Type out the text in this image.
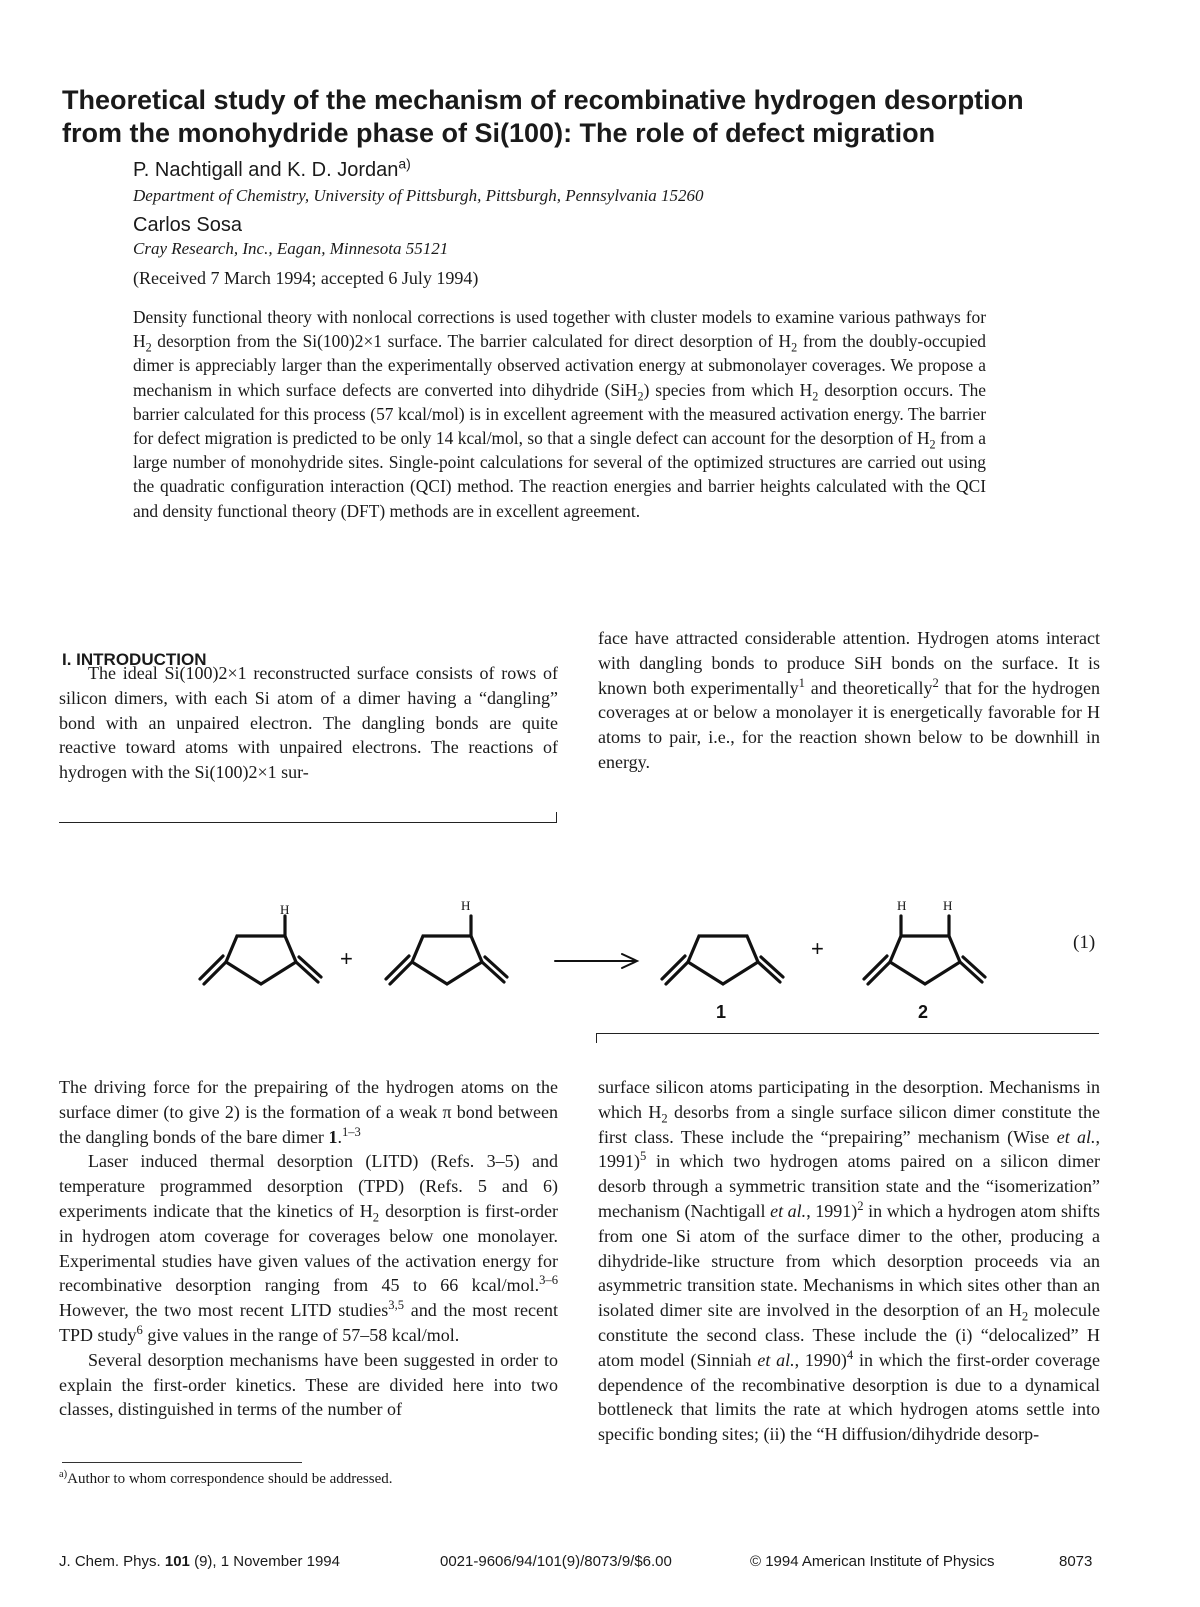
Theoretical study of the mechanism of recombinative hydrogen desorption
from the monohydride phase of Si(100): The role of defect migration
P. Nachtigall and K. D. Jordan$^{a)}$
Department of Chemistry, University of Pittsburgh, Pittsburgh, Pennsylvania 15260
Carlos Sosa
Cray Research, Inc., Eagan, Minnesota 55121
(Received 7 March 1994; accepted 6 July 1994)

Density functional theory with nonlocal corrections is used together with cluster models to examine various pathways for $H_2$ desorption from the Si(100)2×1 surface. The barrier calculated for direct desorption of $H_2$ from the doubly-occupied dimer is appreciably larger than the experimentally observed activation energy at submonolayer coverages. We propose a mechanism in which surface defects are converted into dihydride (SiH$_2$) species from which $H_2$ desorption occurs. The barrier calculated for this process (57 kcal/mol) is in excellent agreement with the measured activation energy. The barrier for defect migration is predicted to be only 14 kcal/mol, so that a single defect can account for the desorption of $H_2$ from a large number of monohydride sites. Single-point calculations for several of the optimized structures are carried out using the quadratic configuration interaction (QCI) method. The reaction energies and barrier heights calculated with the QCI and density functional theory (DFT) methods are in excellent agreement.

I. INTRODUCTION

The ideal Si(100)2×1 reconstructed surface consists of rows of silicon dimers, with each Si atom of a dimer having a “dangling” bond with an unpaired electron. The dangling bonds are quite reactive toward atoms with unpaired electrons. The reactions of hydrogen with the Si(100)2×1 sur-

face have attracted considerable attention. Hydrogen atoms interact with dangling bonds to produce SiH bonds on the surface. It is known both experimentally$^1$ and theoretically$^2$ that for the hydrogen coverages at or below a monolayer it is energetically favorable for H atoms to pair, i.e., for the reaction shown below to be downhill in energy.

H	H	H	H
+	+
1	2
(1)

The driving force for the prepairing of the hydrogen atoms on the surface dimer (to give 2) is the formation of a weak π bond between the dangling bonds of the bare dimer 1.$^{1-3}$

Laser induced thermal desorption (LITD) (Refs. 3–5) and temperature programmed desorption (TPD) (Refs. 5 and 6) experiments indicate that the kinetics of $H_2$ desorption is first-order in hydrogen atom coverage for coverages below one monolayer. Experimental studies have given values of the activation energy for recombinative desorption ranging from 45 to 66 kcal/mol.$^{3-6}$ However, the two most recent LITD studies$^{3,5}$ and the most recent TPD study$^6$ give values in the range of 57–58 kcal/mol.

Several desorption mechanisms have been suggested in order to explain the first-order kinetics. These are divided here into two classes, distinguished in terms of the number of

surface silicon atoms participating in the desorption. Mechanisms in which $H_2$ desorbs from a single surface silicon dimer constitute the first class. These include the “prepairing” mechanism (Wise et al., 1991)$^5$ in which two hydrogen atoms paired on a silicon dimer desorb through a symmetric transition state and the “isomerization” mechanism (Nachtigall et al., 1991)$^2$ in which a hydrogen atom shifts from one Si atom of the surface dimer to the other, producing a dihydride-like structure from which desorption proceeds via an asymmetric transition state. Mechanisms in which sites other than an isolated dimer site are involved in the desorption of an $H_2$ molecule constitute the second class. These include the (i) “delocalized” H atom model (Sinniah et al., 1990)$^4$ in which the first-order coverage dependence of the recombinative desorption is due to a dynamical bottleneck that limits the rate at which hydrogen atoms settle into specific bonding sites; (ii) the “H diffusion/dihydride desorp-

$^{a)}$Author to whom correspondence should be addressed.
J. Chem. Phys. 101 (9), 1 November 1994	0021-9606/94/101(9)/8073/9/$6.00	© 1994 American Institute of Physics	8073
